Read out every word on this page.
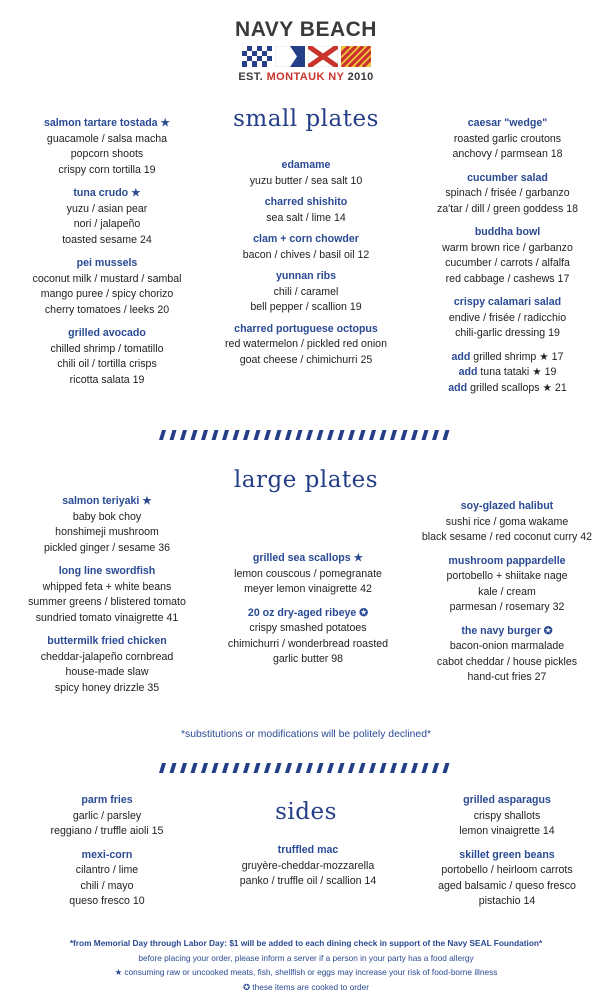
NAVY BEACH
EST. MONTAUK NY 2010
small plates
salmon tartare tostada ★
guacamole / salsa macha
popcorn shoots
crispy corn tortilla 19
tuna crudo ★
yuzu / asian pear
nori / jalapeño
toasted sesame 24
pei mussels
coconut milk / mustard / sambal
mango puree / spicy chorizo
cherry tomatoes / leeks 20
grilled avocado
chilled shrimp / tomatillo
chili oil / tortilla crisps
ricotta salata 19
edamame
yuzu butter / sea salt 10
charred shishito
sea salt / lime 14
clam + corn chowder
bacon / chives / basil oil 12
yunnan ribs
chili / caramel
bell pepper / scallion 19
charred portuguese octopus
red watermelon / pickled red onion
goat cheese / chimichurri 25
caesar "wedge"
roasted garlic croutons
anchovy / parmsean 18
cucumber salad
spinach / frisée / garbanzo
za'tar / dill / green goddess 18
buddha bowl
warm brown rice / garbanzo
cucumber / carrots / alfalfa
red cabbage / cashews 17
crispy calamari salad
endive / frisée / radicchio
chili-garlic dressing 19
add grilled shrimp ★ 17
add tuna tataki ★ 19
add grilled scallops ★ 21
large plates
salmon teriyaki ★
baby bok choy
honshimeji mushroom
pickled ginger / sesame 36
long line swordfish
whipped feta + white beans
summer greens / blistered tomato
sundried tomato vinaigrette 41
buttermilk fried chicken
cheddar-jalapeño cornbread
house-made slaw
spicy honey drizzle 35
grilled sea scallops ★
lemon couscous / pomegranate
meyer lemon vinaigrette 42
20 oz dry-aged ribeye ✪
crispy smashed potatoes
chimichurri / wonderbread roasted
garlic butter 98
soy-glazed halibut
sushi rice / goma wakame
black sesame / red coconut curry 42
mushroom pappardelle
portobello + shiitake nage
kale / cream
parmesan / rosemary 32
the navy burger ✪
bacon-onion marmalade
cabot cheddar / house pickles
hand-cut fries 27
*substitutions or modifications will be politely declined*
sides
parm fries
garlic / parsley
reggiano / truffle aioli 15
mexi-corn
cilantro / lime
chili / mayo
queso fresco 10
truffled mac
gruyère-cheddar-mozzarella
panko / truffle oil / scallion 14
grilled asparagus
crispy shallots
lemon vinaigrette 14
skillet green beans
portobello / heirloom carrots
aged balsamic / queso fresco
pistachio 14
*from Memorial Day through Labor Day: $1 will be added to each dining check in support of the Navy SEAL Foundation*
before placing your order, please inform a server if a person in your party has a food allergy
★ consuming raw or uncooked meats, fish, shellfish or eggs may increase your risk of food-borne illness
✪ these items are cooked to order
